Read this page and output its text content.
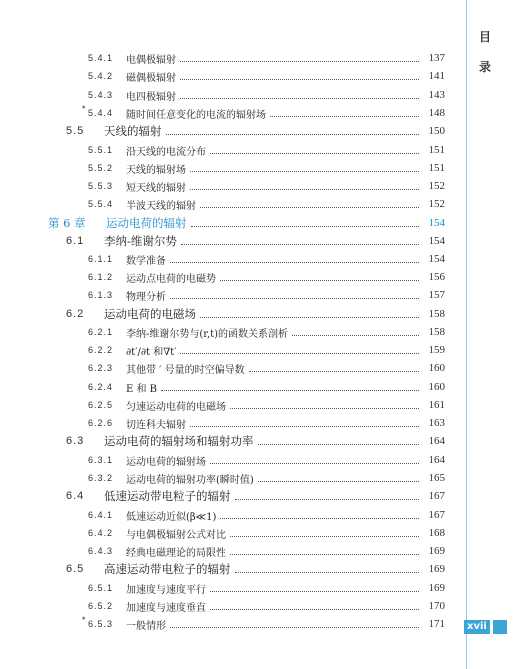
目
录
xvii
5.4.1 电偶极辐射	137
5.4.2 磁偶极辐射	141
5.4.3 电四极辐射	143
* 5.4.4 随时间任意变化的电流的辐射场	148
5.5	天线的辐射	150
5.5.1 沿天线的电流分布	151
5.5.2 天线的辐射场	151
5.5.3 短天线的辐射	152
5.5.4 半波天线的辐射	152
第 6 章	运动电荷的辐射	154
6.1	李纳-维谢尔势	154
6.1.1 数学准备	154
6.1.2 运动点电荷的电磁势	156
6.1.3 物理分析	157
6.2	运动电荷的电磁场	158
6.2.1 李纳-维谢尔势与(r,t)的函数关系剖析	158
6.2.2 ∂t′/∂t 和∇t′	159
6.2.3 其他带 ′ 号量的时空偏导数	160
6.2.4 E 和 B	160
6.2.5 匀速运动电荷的电磁场	161
6.2.6 切连科夫辐射	163
6.3	运动电荷的辐射场和辐射功率	164
6.3.1 运动电荷的辐射场	164
6.3.2 运动电荷的辐射功率(瞬时值)	165
6.4	低速运动带电粒子的辐射	167
6.4.1 低速运动近似(β≪1)	167
6.4.2 与电偶极辐射公式对比	168
6.4.3 经典电磁理论的局限性	169
6.5	高速运动带电粒子的辐射	169
6.5.1 加速度与速度平行	169
6.5.2 加速度与速度垂直	170
* 6.5.3 一般情形	171
